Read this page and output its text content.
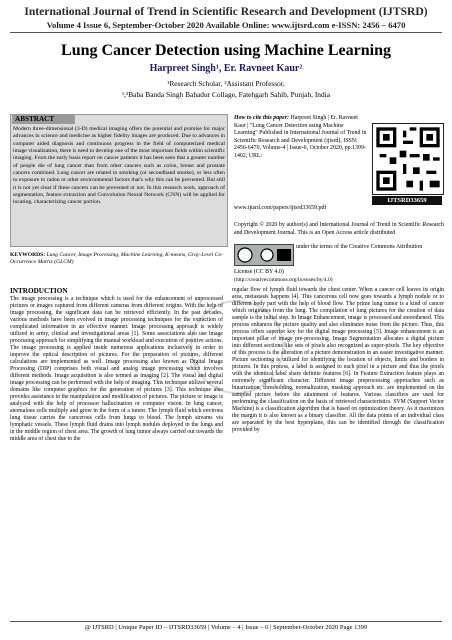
International Journal of Trend in Scientific Research and Development (IJTSRD)
Volume 4 Issue 6, September-October 2020 Available Online: www.ijtsrd.com e-ISSN: 2456 – 6470
Lung Cancer Detection using Machine Learning
Harpreet Singh¹, Er. Ravneet Kaur²
¹Research Scholar, ²Assistant Professor,
¹,²Baba Banda Singh Bahadur Collage, Fatehgarh Sahib, Punjab, India
ABSTRACT
Modern three-dimensional (3-D) medical imaging offers the potential and promise for major advances in science and medicine as higher fidelity images are produced. Due to advances in computer aided diagnosis and continuous progress in the field of computerized medical image visualization, there is need to develop one of the most important fields within scientific imaging. From the early basis report on cancer patients it has been seen that a greater number of people die of lung cancer than from other cancers such as colon, breast and prostate cancers combined. Lung cancer are related to smoking (or secondhand smoke), or less often to exposure to radon or other environmental factors that's why this can be prevented. But still it is not yet clear if these cancers can be prevented or not. In this research work, approach of segmentation, feature extraction and Convolution Neural Network (CNN) will be applied for locating, characterizing cancer portion.
KEYWORDS: Lung Cancer, Image Processing, Machine Learning, K-means, Gray-Level Co-Occurrence Matrix (GLCM)
How to cite this paper: Harpreet Singh | Er. Ravneet Kaur | "Lung Cancer Detection using Machine Learning" Published in International Journal of Trend in Scientific Research and Development (ijtsrd), ISSN: 2456-6470, Volume-4 | Issue-6, October 2020, pp.1399-1402, URL:
IJTSRD33659
www.ijtsrd.com/papers/ijtsrd33659.pdf
Copyright © 2020 by author(s) and International Journal of Trend in Scientific Research and Development Journal. This is an Open Access article distributed
under the terms of the Creative Commons Attribution
License (CC BY 4.0)
(http://creativecommons.org/licenses/by/4.0)
INTRODUCTION
The image processing is a technique which is used for the enhancement of unprocessed pictures or images captured from different cameras from different origins. With the help of image processing, the significant data can be retrieved efficiently. In the past decades, various methods have been evolved in image processing techniques for the extraction of complicated information in an effective manner. Image processing approach is widely utilized in army, clinical and investigational areas [1]. Some associations also use image processing approach for simplifying the manual workload and execution of positive actions. The image processing is applied inside numerous applications inclusively in order to improve the optical description of pictures. For the preparation of pictures, different calculations are implemented as well. Image processing also known as Digital Image Processing (DIP) comprises both visual and analog image processing which involves different methods. Image acquisition is also termed as imaging [2]. The visual and digital image processing can be performed with the help of imaging. This technique utilizes several domains like computer graphics for the generation of pictures [3]. This technique also provides assistance in the manipulation and modification of pictures. The picture or image is analyzed with the help of processor hallucination or computer vision. In lung cancer, anomalous cells multiply and grow in the form of a tumor. The lymph fluid which environs lung tissue carries the cancerous cells from lungs to blood. The lymph streams via lymphatic vessels. These lymph fluid drains into lymph nodules deployed in the lungs and in the middle region of chest area. The growth of lung tumor always carried out towards the middle area of chest due to the
regular flow of lymph fluid towards the chest center. When a cancer cell leaves its origin area, metastasis happens [4]. This cancerous cell now goes towards a lymph nodule or to different body part with the help of blood flow. The prime lung tumor is a kind of cancer which originates from the lung. The compilation of lung pictures for the creation of data sample is the initial step. In Image Enhancement, image is processed and smoothened. This process enhances the picture quality and also eliminates noise from the picture. Thus, this process offers superior key for the digital image processing [5]. Image enhancement is an important pillar of image pre-processing. Image Segmentation allocates a digital picture into different sections like sets of pixels also recognized as super-pixels. The key objective of this process is the alteration of a picture demonstration in an easier investigative manner. Picture sectioning is utilized for identifying the location of objects, limits and borders in pictures. In this process, a label is assigned to each pixel in a picture and thus the pixels with the identical label share definite features [6]. In Feature Extraction feature plays an extremely significant character. Different image preprocessing approaches such as binarization, thresholding, normalization, masking approach etc. are implemented on the sampled picture before the attainment of features. Various classifiers are used for performing the classification on the basis of retrieved characteristics. SVM (Support Vector Machine) is a classification algorithm that is based on optimization theory. As it maximizes the margin it is also known as a binary classifier. All the data points of an individual class are separated by the best hyperplane, this can be identified through the classification provided by
@ IJTSRD | Unique Paper ID – IJTSRD33659 | Volume – 4 | Issue – 6 | September-October 2020 Page 1399
